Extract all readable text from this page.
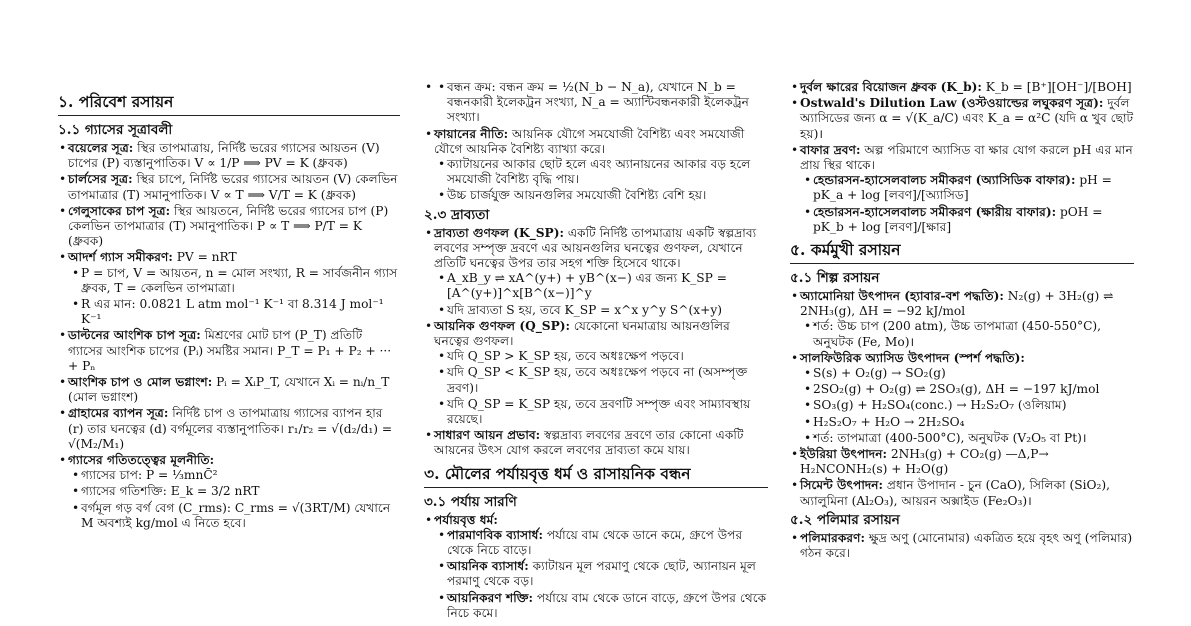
১. পরিবেশ রসায়ন
১.১ গ্যাসের সূত্রাবলী
• বয়েলের সূত্র: স্থির তাপমাত্রায়, নির্দিষ্ট ভরের গ্যাসের আয়তন (V) চাপের (P) ব্যস্তানুপাতিক। V ∝ 1/P ⟹ PV = K (ধ্রুবক)
• চার্লসের সূত্র: স্থির চাপে, নির্দিষ্ট ভরের গ্যাসের আয়তন (V) কেলভিন তাপমাত্রার (T) সমানুপাতিক। V ∝ T ⟹ V/T = K (ধ্রুবক)
• গেলুসাকের চাপ সূত্র: স্থির আয়তনে, নির্দিষ্ট ভরের গ্যাসের চাপ (P) কেলভিন তাপমাত্রার (T) সমানুপাতিক। P ∝ T ⟹ P/T = K (ধ্রুবক)
• আদর্শ গ্যাস সমীকরণ: PV = nRT
• P = চাপ, V = আয়তন, n = মোল সংখ্যা, R = সার্বজনীন গ্যাস ধ্রুবক, T = কেলভিন তাপমাত্রা।
• R এর মান: 0.0821 L atm mol⁻¹ K⁻¹ বা 8.314 J mol⁻¹ K⁻¹
• ডাল্টনের আংশিক চাপ সূত্র: মিশ্রণের মোট চাপ (P_T) প্রতিটি গ্যাসের আংশিক চাপের (Pᵢ) সমষ্টির সমান। P_T = P₁ + P₂ + ··· + Pₙ
• আংশিক চাপ ও মোল ভগ্নাংশ: Pᵢ = XᵢP_T, যেখানে Xᵢ = nᵢ/n_T (মোল ভগ্নাংশ)
• গ্রাহামের ব্যাপন সূত্র: নির্দিষ্ট চাপ ও তাপমাত্রায় গ্যাসের ব্যাপন হার (r) তার ঘনত্বের (d) বর্গমূলের ব্যস্তানুপাতিক। r₁/r₂ = √(d₂/d₁) = √(M₂/M₁)
• গ্যাসের গতিতত্ত্বের মূলনীতি:
• গ্যাসের চাপ: P = ⅓mnC̄²
• গ্যাসের গতিশক্তি: E_k = 3/2 nRT
• বর্গমূল গড় বর্গ বেগ (C_rms): C_rms = √(3RT/M) যেখানে M অবশ্যই kg/mol এ নিতে হবে।
• • বন্ধন ক্রম: বন্ধন ক্রম = ½(N_b − N_a), যেখানে N_b = বন্ধনকারী ইলেকট্রন সংখ্যা, N_a = অ্যান্টিবন্ধনকারী ইলেকট্রন সংখ্যা।
• ফায়ানের নীতি: আয়নিক যৌগে সমযোজী বৈশিষ্ট্য এবং সমযোজী যৌগে আয়নিক বৈশিষ্ট্য ব্যাখ্যা করে।
• ক্যাটায়নের আকার ছোট হলে এবং অ্যানায়নের আকার বড় হলে সমযোজী বৈশিষ্ট্য বৃদ্ধি পায়।
• উচ্চ চার্জযুক্ত আয়নগুলির সমযোজী বৈশিষ্ট্য বেশি হয়।
২.৩ দ্রাব্যতা
• দ্রাব্যতা গুণফল (K_SP): একটি নির্দিষ্ট তাপমাত্রায় একটি স্বল্পদ্রাব্য লবণের সম্পৃক্ত দ্রবণে এর আয়নগুলির ঘনত্বের গুণফল, যেখানে প্রতিটি ঘনত্বের উপর তার সহগ শক্তি হিসেবে থাকে।
• A_xB_y ⇌ xA^(y+) + yB^(x−) এর জন্য K_SP = [A^(y+)]^x[B^(x−)]^y
• যদি দ্রাব্যতা S হয়, তবে K_SP = x^x y^y S^(x+y)
• আয়নিক গুণফল (Q_SP): যেকোনো ঘনমাত্রায় আয়নগুলির ঘনত্বের গুণফল।
• যদি Q_SP > K_SP হয়, তবে অধঃক্ষেপ পড়বে।
• যদি Q_SP < K_SP হয়, তবে অধঃক্ষেপ পড়বে না (অসম্পৃক্ত দ্রবণ)।
• যদি Q_SP = K_SP হয়, তবে দ্রবণটি সম্পৃক্ত এবং সাম্যাবস্থায় রয়েছে।
• সাধারণ আয়ন প্রভাব: স্বল্পদ্রাব্য লবণের দ্রবণে তার কোনো একটি আয়নের উৎস যোগ করলে লবণের দ্রাব্যতা কমে যায়।
৩. মৌলের পর্যায়বৃত্ত ধর্ম ও রাসায়নিক বন্ধন
৩.১ পর্যায় সারণি
• পর্যায়বৃত্ত ধর্ম:
• পারমাণবিক ব্যাসার্ধ: পর্যায়ে বাম থেকে ডানে কমে, গ্রুপে উপর থেকে নিচে বাড়ে।
• আয়নিক ব্যাসার্ধ: ক্যাটায়ন মূল পরমাণু থেকে ছোট, অ্যানায়ন মূল পরমাণু থেকে বড়।
• আয়নিকরণ শক্তি: পর্যায়ে বাম থেকে ডানে বাড়ে, গ্রুপে উপর থেকে নিচে কমে।
• দুর্বল ক্ষারের বিয়োজন ধ্রুবক (K_b): K_b = [B⁺][OH⁻]/[BOH]
• Ostwald's Dilution Law (ওস্টওয়াল্ডের লঘুকরণ সূত্র): দুর্বল অ্যাসিডের জন্য α = √(K_a/C) এবং K_a = α²C (যদি α খুব ছোট হয়)।
• বাফার দ্রবণ: অল্প পরিমাণে অ্যাসিড বা ক্ষার যোগ করলে pH এর মান প্রায় স্থির থাকে।
• হেন্ডারসন-হ্যাসেলবালচ সমীকরণ (অ্যাসিডিক বাফার): pH = pK_a + log [লবণ]/[অ্যাসিড]
• হেন্ডারসন-হ্যাসেলবালচ সমীকরণ (ক্ষারীয় বাফার): pOH = pK_b + log [লবণ]/[ক্ষার]
৫. কর্মমুখী রসায়ন
৫.১ শিল্প রসায়ন
• অ্যামোনিয়া উৎপাদন (হ্যাবার-বশ পদ্ধতি): N₂(g) + 3H₂(g) ⇌ 2NH₃(g), ΔH = −92 kJ/mol
• শর্ত: উচ্চ চাপ (200 atm), উচ্চ তাপমাত্রা (450-550°C), অনুঘটক (Fe, Mo)।
• সালফিউরিক অ্যাসিড উৎপাদন (স্পর্শ পদ্ধতি):
• S(s) + O₂(g) → SO₂(g)
• 2SO₂(g) + O₂(g) ⇌ 2SO₃(g), ΔH = −197 kJ/mol
• SO₃(g) + H₂SO₄(conc.) → H₂S₂O₇ (ওলিয়াম)
• H₂S₂O₇ + H₂O → 2H₂SO₄
• শর্ত: তাপমাত্রা (400-500°C), অনুঘটক (V₂O₅ বা Pt)।
• ইউরিয়া উৎপাদন: 2NH₃(g) + CO₂(g) —Δ,P→ H₂NCONH₂(s) + H₂O(g)
• সিমেন্ট উৎপাদন: প্রধান উপাদান - চুন (CaO), সিলিকা (SiO₂), অ্যালুমিনা (Al₂O₃), আয়রন অক্সাইড (Fe₂O₃)।
৫.২ পলিমার রসায়ন
• পলিমারকরণ: ক্ষুদ্র অণু (মোনোমার) একত্রিত হয়ে বৃহৎ অণু (পলিমার) গঠন করে।
